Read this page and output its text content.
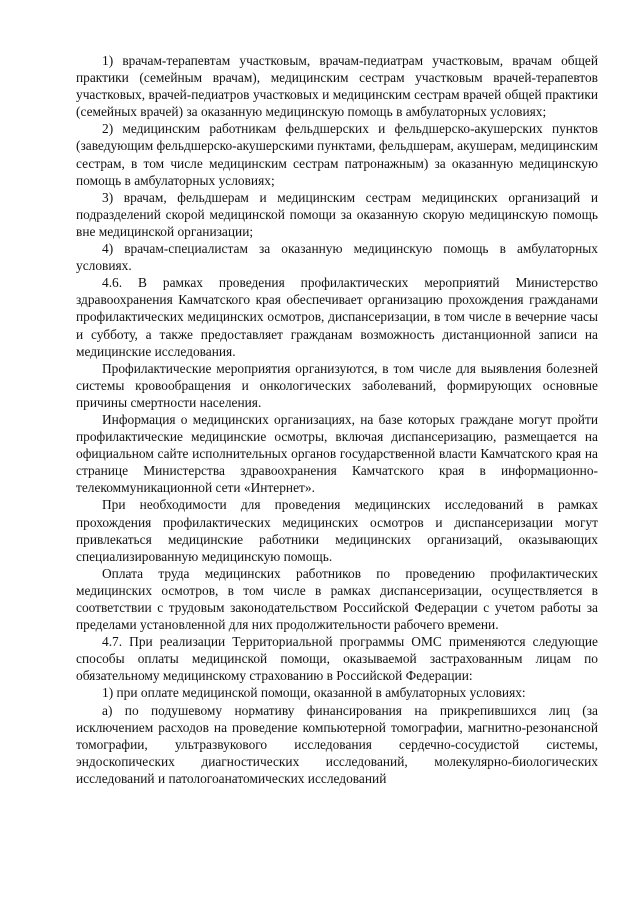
1) врачам-терапевтам участковым, врачам-педиатрам участковым, врачам общей практики (семейным врачам), медицинским сестрам участковым врачей-терапевтов участковых, врачей-педиатров участковых и медицинским сестрам врачей общей практики (семейных врачей) за оказанную медицинскую помощь в амбулаторных условиях;

2) медицинским работникам фельдшерских и фельдшерско-акушерских пунктов (заведующим фельдшерско-акушерскими пунктами, фельдшерам, акушерам, медицинским сестрам, в том числе медицинским сестрам патронажным) за оказанную медицинскую помощь в амбулаторных условиях;

3) врачам, фельдшерам и медицинским сестрам медицинских организаций и подразделений скорой медицинской помощи за оказанную скорую медицинскую помощь вне медицинской организации;

4) врачам-специалистам за оказанную медицинскую помощь в амбулаторных условиях.

4.6. В рамках проведения профилактических мероприятий Министерство здравоохранения Камчатского края обеспечивает организацию прохождения гражданами профилактических медицинских осмотров, диспансеризации, в том числе в вечерние часы и субботу, а также предоставляет гражданам возможность дистанционной записи на медицинские исследования.

Профилактические мероприятия организуются, в том числе для выявления болезней системы кровообращения и онкологических заболеваний, формирующих основные причины смертности населения.

Информация о медицинских организациях, на базе которых граждане могут пройти профилактические медицинские осмотры, включая диспансеризацию, размещается на официальном сайте исполнительных органов государственной власти Камчатского края на странице Министерства здравоохранения Камчатского края в информационно-телекоммуникационной сети «Интернет».

При необходимости для проведения медицинских исследований в рамках прохождения профилактических медицинских осмотров и диспансеризации могут привлекаться медицинские работники медицинских организаций, оказывающих специализированную медицинскую помощь.

Оплата труда медицинских работников по проведению профилактических медицинских осмотров, в том числе в рамках диспансеризации, осуществляется в соответствии с трудовым законодательством Российской Федерации с учетом работы за пределами установленной для них продолжительности рабочего времени.

4.7. При реализации Территориальной программы ОМС применяются следующие способы оплаты медицинской помощи, оказываемой застрахованным лицам по обязательному медицинскому страхованию в Российской Федерации:

1) при оплате медицинской помощи, оказанной в амбулаторных условиях:

а) по подушевому нормативу финансирования на прикрепившихся лиц (за исключением расходов на проведение компьютерной томографии, магнитно-резонансной томографии, ультразвукового исследования сердечно-сосудистой системы, эндоскопических диагностических исследований, молекулярно-биологических исследований и патологоанатомических исследований
